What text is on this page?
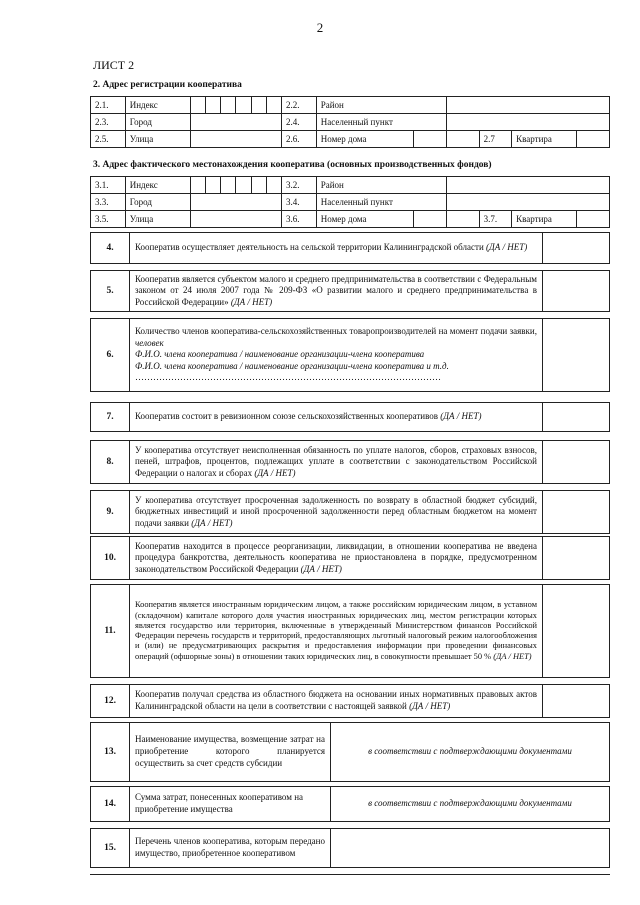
2
ЛИСТ 2
2. Адрес регистрации кооператива
2.1.	Индекс							2.2.	Район					
2.3.	Город							2.4.	Населенный пункт					
2.5.	Улица							2.6.	Номер дома			2.7	Квартира	
3. Адрес фактического местонахождения кооператива (основных производственных фондов)
3.1.	Индекс							3.2.	Район					
3.3.	Город							3.4.	Населенный пункт					
3.5.	Улица							3.6.	Номер дома			3.7.	Квартира	
4.	Кооператив осуществляет деятельность на сельской территории Калининградской области (ДА / НЕТ)	
5.	Кооператив является субъектом малого и среднего предпринимательства в соответствии с Федеральным законом от 24 июля 2007 года № 209-ФЗ «О развитии малого и среднего предпринимательства в Российской Федерации» (ДА / НЕТ)	
6.	
Количество членов кооператива-сельскохозяйственных товаропроизводителей на момент подачи заявки, человек
Ф.И.О. члена кооператива / наименование организации-члена кооператива
Ф.И.О. члена кооператива / наименование организации-члена кооператива и т.д.
…………………………………………………………………………………………

7.	Кооператив состоит в ревизионном союзе сельскохозяйственных кооперативов (ДА / НЕТ)	
8.	У кооператива отсутствует неисполненная обязанность по уплате налогов, сборов, страховых взносов, пеней, штрафов, процентов, подлежащих уплате в соответствии с законодательством Российской Федерации о налогах и сборах (ДА / НЕТ)	
9.	У кооператива отсутствует просроченная задолженность по возврату в областной бюджет субсидий, бюджетных инвестиций и иной просроченной задолженности перед областным бюджетом на момент подачи заявки (ДА / НЕТ)	
10.	Кооператив находится в процессе реорганизации, ликвидации, в отношении кооператива не введена процедура банкротства, деятельность кооператива не приостановлена в порядке, предусмотренном законодательством Российской Федерации (ДА / НЕТ)	
11.	Кооператив является иностранным юридическим лицом, а также российским юридическим лицом, в уставном (складочном) капитале которого доля участия иностранных юридических лиц, местом регистрации которых является государство или территория, включенные в утвержденный Министерством финансов Российской Федерации перечень государств и территорий, предоставляющих льготный налоговый режим налогообложения и (или) не предусматривающих раскрытия и предоставления информации при проведении финансовых операций (офшорные зоны) в отношении таких юридических лиц, в совокупности превышает 50 % (ДА / НЕТ)	
12.	Кооператив получал средства из областного бюджета на основании иных нормативных правовых актов Калининградской области на цели в соответствии с настоящей заявкой (ДА / НЕТ)	
13.	Наименование имущества, возмещение затрат на приобретение которого планируется осуществить за счет средств субсидии	в соответствии с подтверждающими документами
14.	Сумма затрат, понесенных кооперативом на приобретение имущества	в соответствии с подтверждающими документами
15.	Перечень членов кооператива, которым передано имущество, приобретенное кооперативом	
